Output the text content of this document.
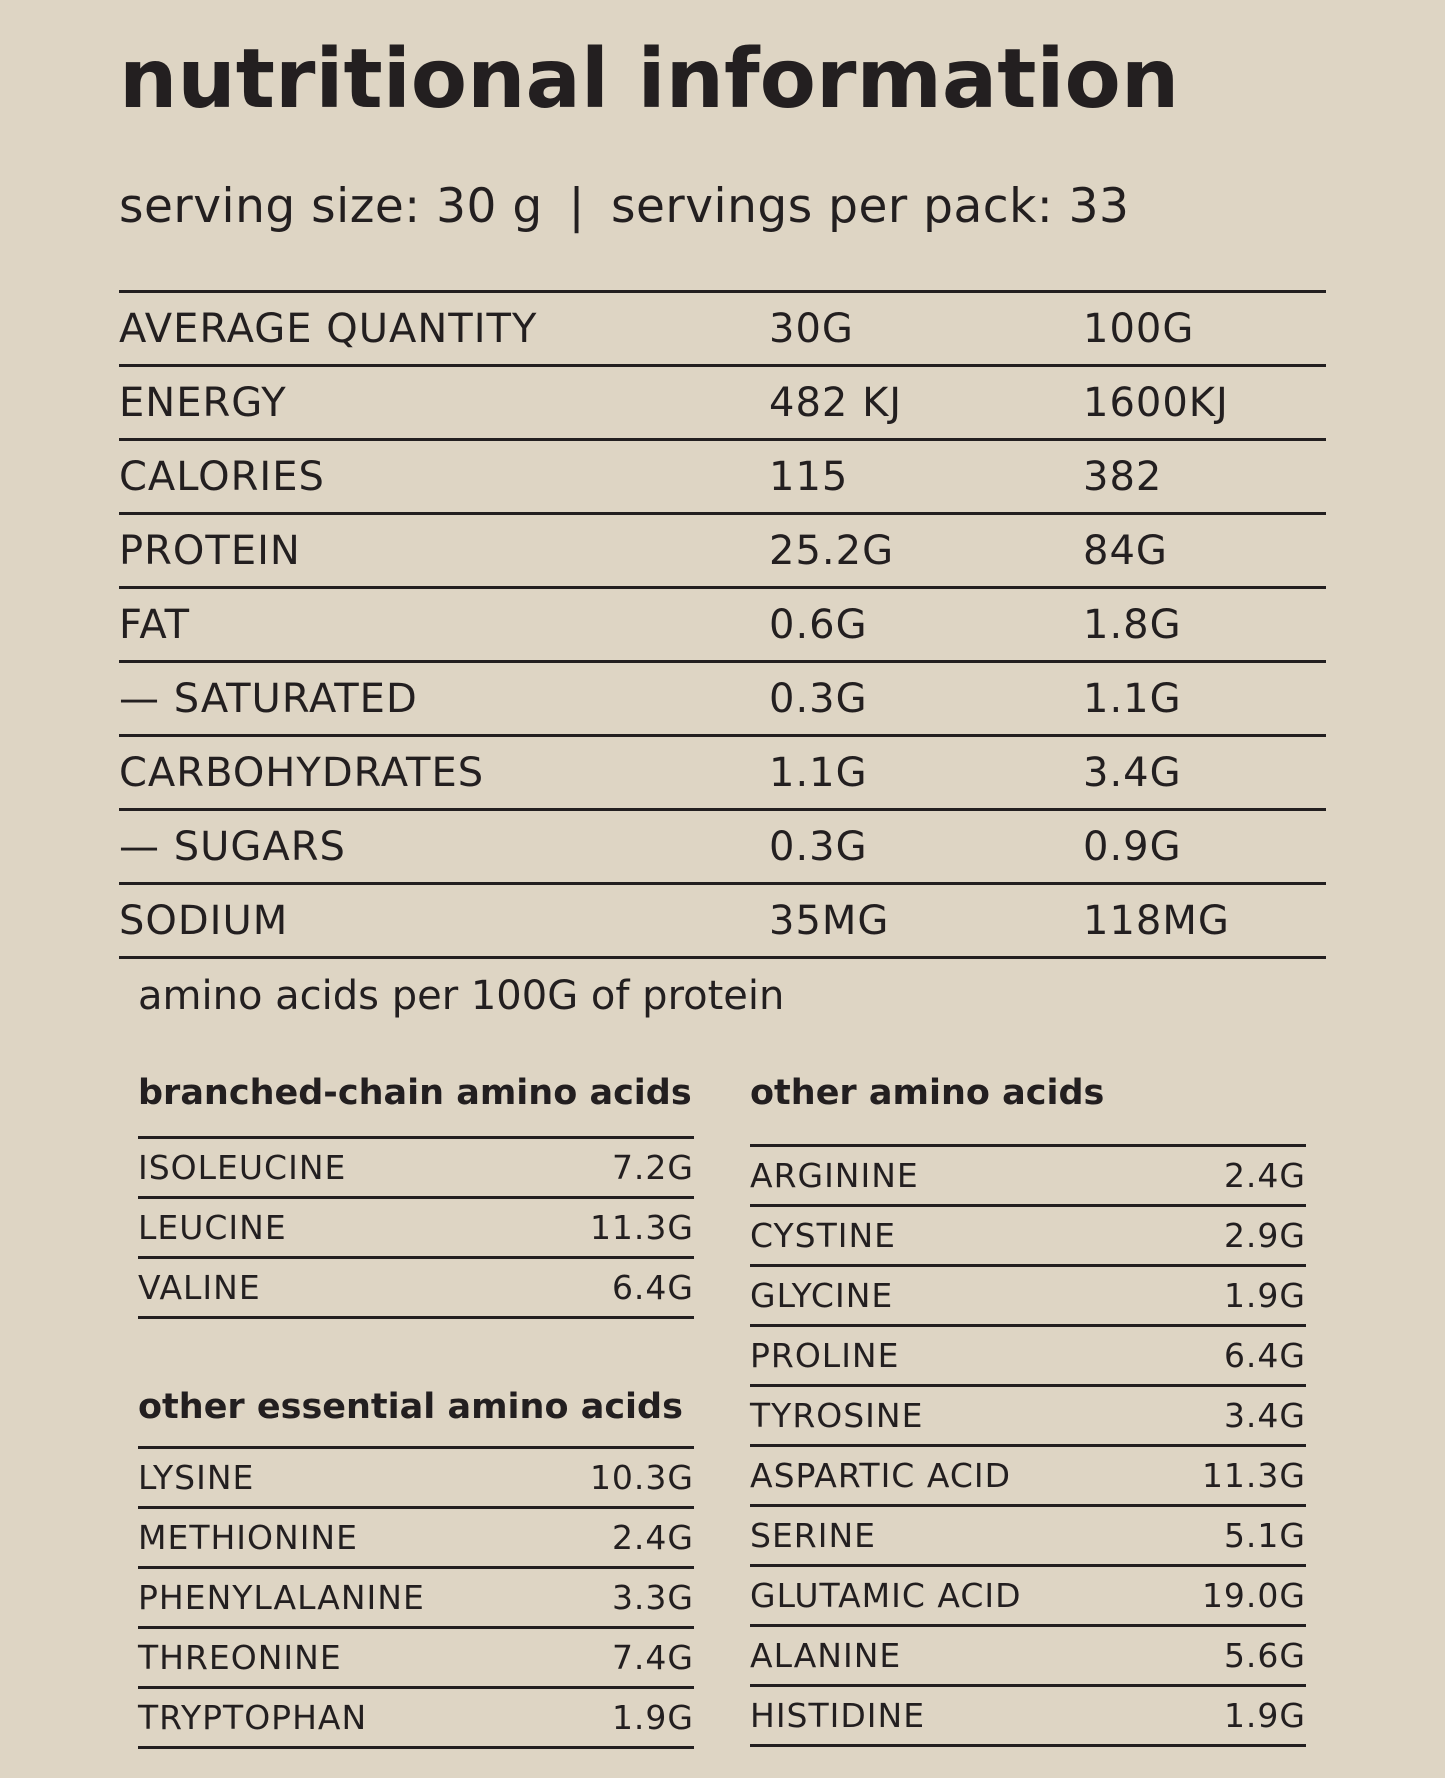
nutritional information
serving size: 30 g | servings per pack: 33
AVERAGE QUANTITY	30G	100G
ENERGY	482 KJ	1600KJ
CALORIES	115	382
PROTEIN	25.2G	84G
FAT	0.6G	1.8G
— SATURATED	0.3G	1.1G
CARBOHYDRATES	1.1G	3.4G
— SUGARS	0.3G	0.9G
SODIUM	35MG	118MG
amino acids per 100G of protein
branched-chain amino acids
ISOLEUCINE	7.2G
LEUCINE	11.3G
VALINE	6.4G
other essential amino acids
LYSINE	10.3G
METHIONINE	2.4G
PHENYLALANINE	3.3G
THREONINE	7.4G
TRYPTOPHAN	1.9G
other amino acids
ARGININE	2.4G
CYSTINE	2.9G
GLYCINE	1.9G
PROLINE	6.4G
TYROSINE	3.4G
ASPARTIC ACID	11.3G
SERINE	5.1G
GLUTAMIC ACID	19.0G
ALANINE	5.6G
HISTIDINE	1.9G
